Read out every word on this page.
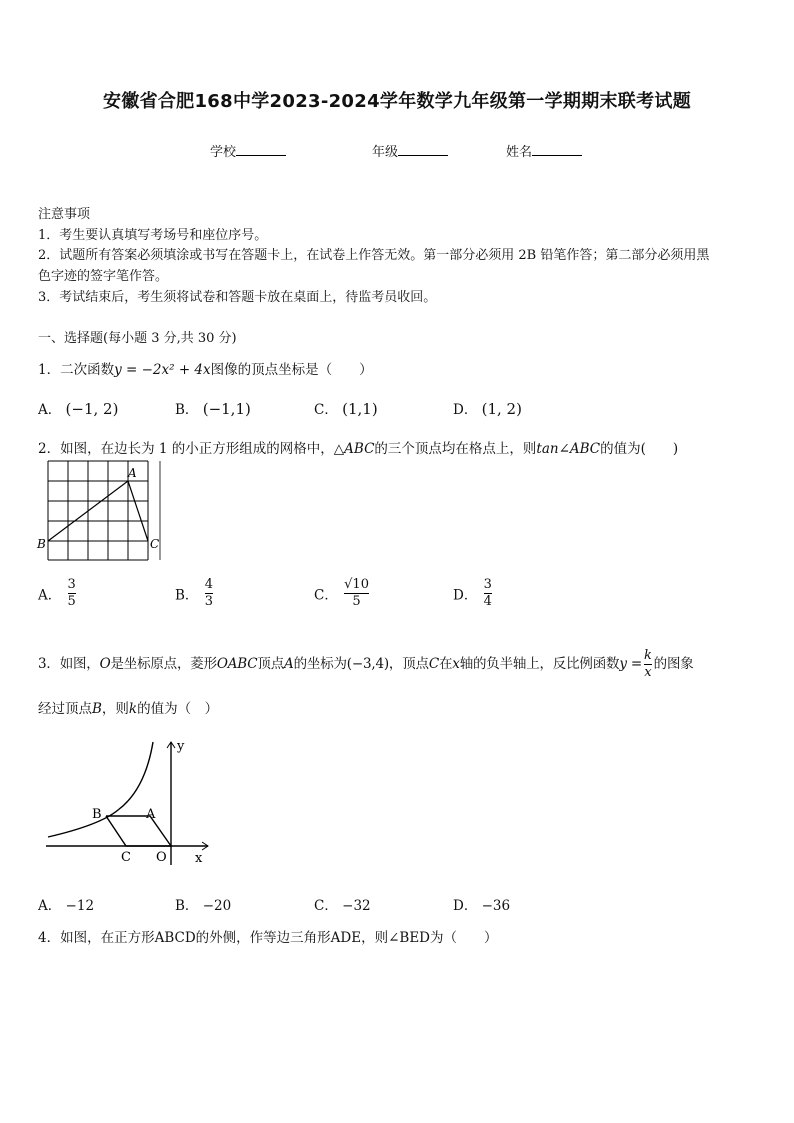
安徽省合肥168中学2023-2024学年数学九年级第一学期期末联考试题
学校	年级	姓名
注意事项
1．考生要认真填写考场号和座位序号。
2．试题所有答案必须填涂或书写在答题卡上，在试卷上作答无效。第一部分必须用 2B 铅笔作答；第二部分必须用黑
色字迹的签字笔作答。
3．考试结束后，考生须将试卷和答题卡放在桌面上，待监考员收回。
一、选择题(每小题 3 分,共 30 分)
1．二次函数y = −2x² + 4x图像的顶点坐标是（　　）
A． (−1, 2)	B． (−1,1)	C． (1,1)	D． (1, 2)
2．如图，在边长为 1 的小正方形组成的网格中，△ABC的三个顶点均在格点上，则tan∠ABC的值为(　　)
A
B	C
A． $\frac{3}{5}$	B． $\frac{4}{3}$	C． $\frac{√10}{5}$	D． $\frac{3}{4}$
3．如图，O是坐标原点，菱形OABC顶点A的坐标为(−3,4)，顶点C在x轴的负半轴上，反比例函数$y = \frac{k}{x}$ 的图象
经过顶点B，则k的值为（　）
y
x
B	A
C O
A． −12	B． −20	C． −32	D． −36
4．如图，在正方形ABCD的外侧，作等边三角形ADE，则∠BED为（　　）
